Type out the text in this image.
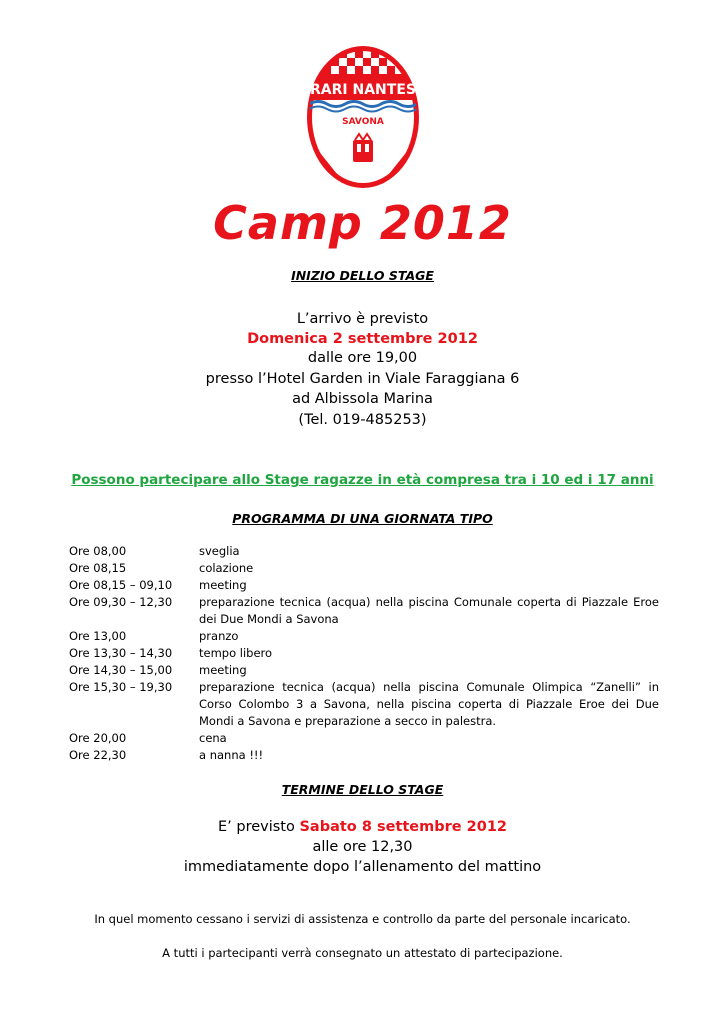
RARI NANTES
SAVONA
Camp 2012
INIZIO DELLO STAGE
L’arrivo è previsto
Domenica 2 settembre 2012
dalle ore 19,00
presso l’Hotel Garden in Viale Faraggiana 6
ad Albissola Marina
(Tel. 019-485253)
Possono partecipare allo Stage ragazze in età compresa tra i 10 ed i 17 anni
PROGRAMMA DI UNA GIORNATA TIPO
Ore 08,00	sveglia
Ore 08,15	colazione
Ore 08,15 – 09,10	meeting
Ore 09,30 – 12,30	preparazione tecnica (acqua) nella piscina Comunale coperta di Piazzale Eroe dei Due Mondi a Savona
Ore 13,00	pranzo
Ore 13,30 – 14,30	tempo libero
Ore 14,30 – 15,00	meeting
Ore 15,30 – 19,30	preparazione tecnica (acqua) nella piscina Comunale Olimpica “Zanelli” in Corso Colombo 3 a Savona, nella piscina coperta di Piazzale Eroe dei Due Mondi a Savona e preparazione a secco in palestra.
Ore 20,00	cena
Ore 22,30	a nanna !!!
TERMINE DELLO STAGE
E’ previsto Sabato 8 settembre 2012
alle ore 12,30
immediatamente dopo l’allenamento del mattino
In quel momento cessano i servizi di assistenza e controllo da parte del personale incaricato.
A tutti i partecipanti verrà consegnato un attestato di partecipazione.
